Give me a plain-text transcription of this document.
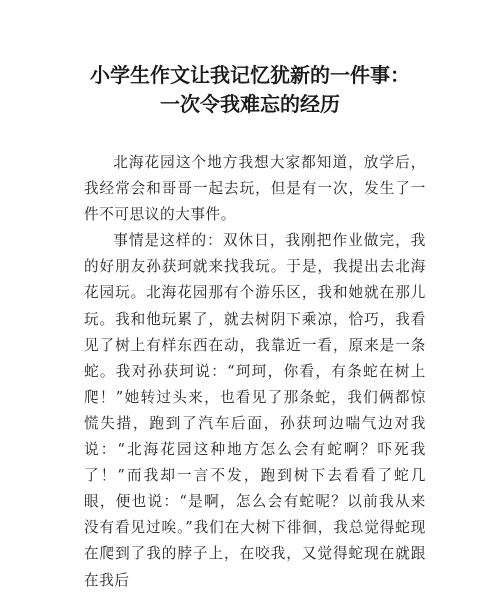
小学生作文让我记忆犹新的一件事：
一次令我难忘的经历

北海花园这个地方我想大家都知道，放学后，我经常会和哥哥一起去玩，但是有一次，发生了一件不可思议的大事件。

事情是这样的：双休日，我刚把作业做完，我的好朋友孙获珂就来找我玩。于是，我提出去北海花园玩。北海花园那有个游乐区，我和她就在那儿玩。我和他玩累了，就去树阴下乘凉，恰巧，我看见了树上有样东西在动，我靠近一看，原来是一条蛇。我对孙获珂说：“珂珂，你看，有条蛇在树上爬！”她转过头来，也看见了那条蛇，我们俩都惊慌失措，跑到了汽车后面，孙获珂边喘气边对我说：“北海花园这种地方怎么会有蛇啊？吓死我了！”而我却一言不发，跑到树下去看看了蛇几眼，便也说：“是啊，怎么会有蛇呢？以前我从来没有看见过唉。”我们在大树下徘徊，我总觉得蛇现在爬到了我的脖子上，在咬我，又觉得蛇现在就跟在我后
